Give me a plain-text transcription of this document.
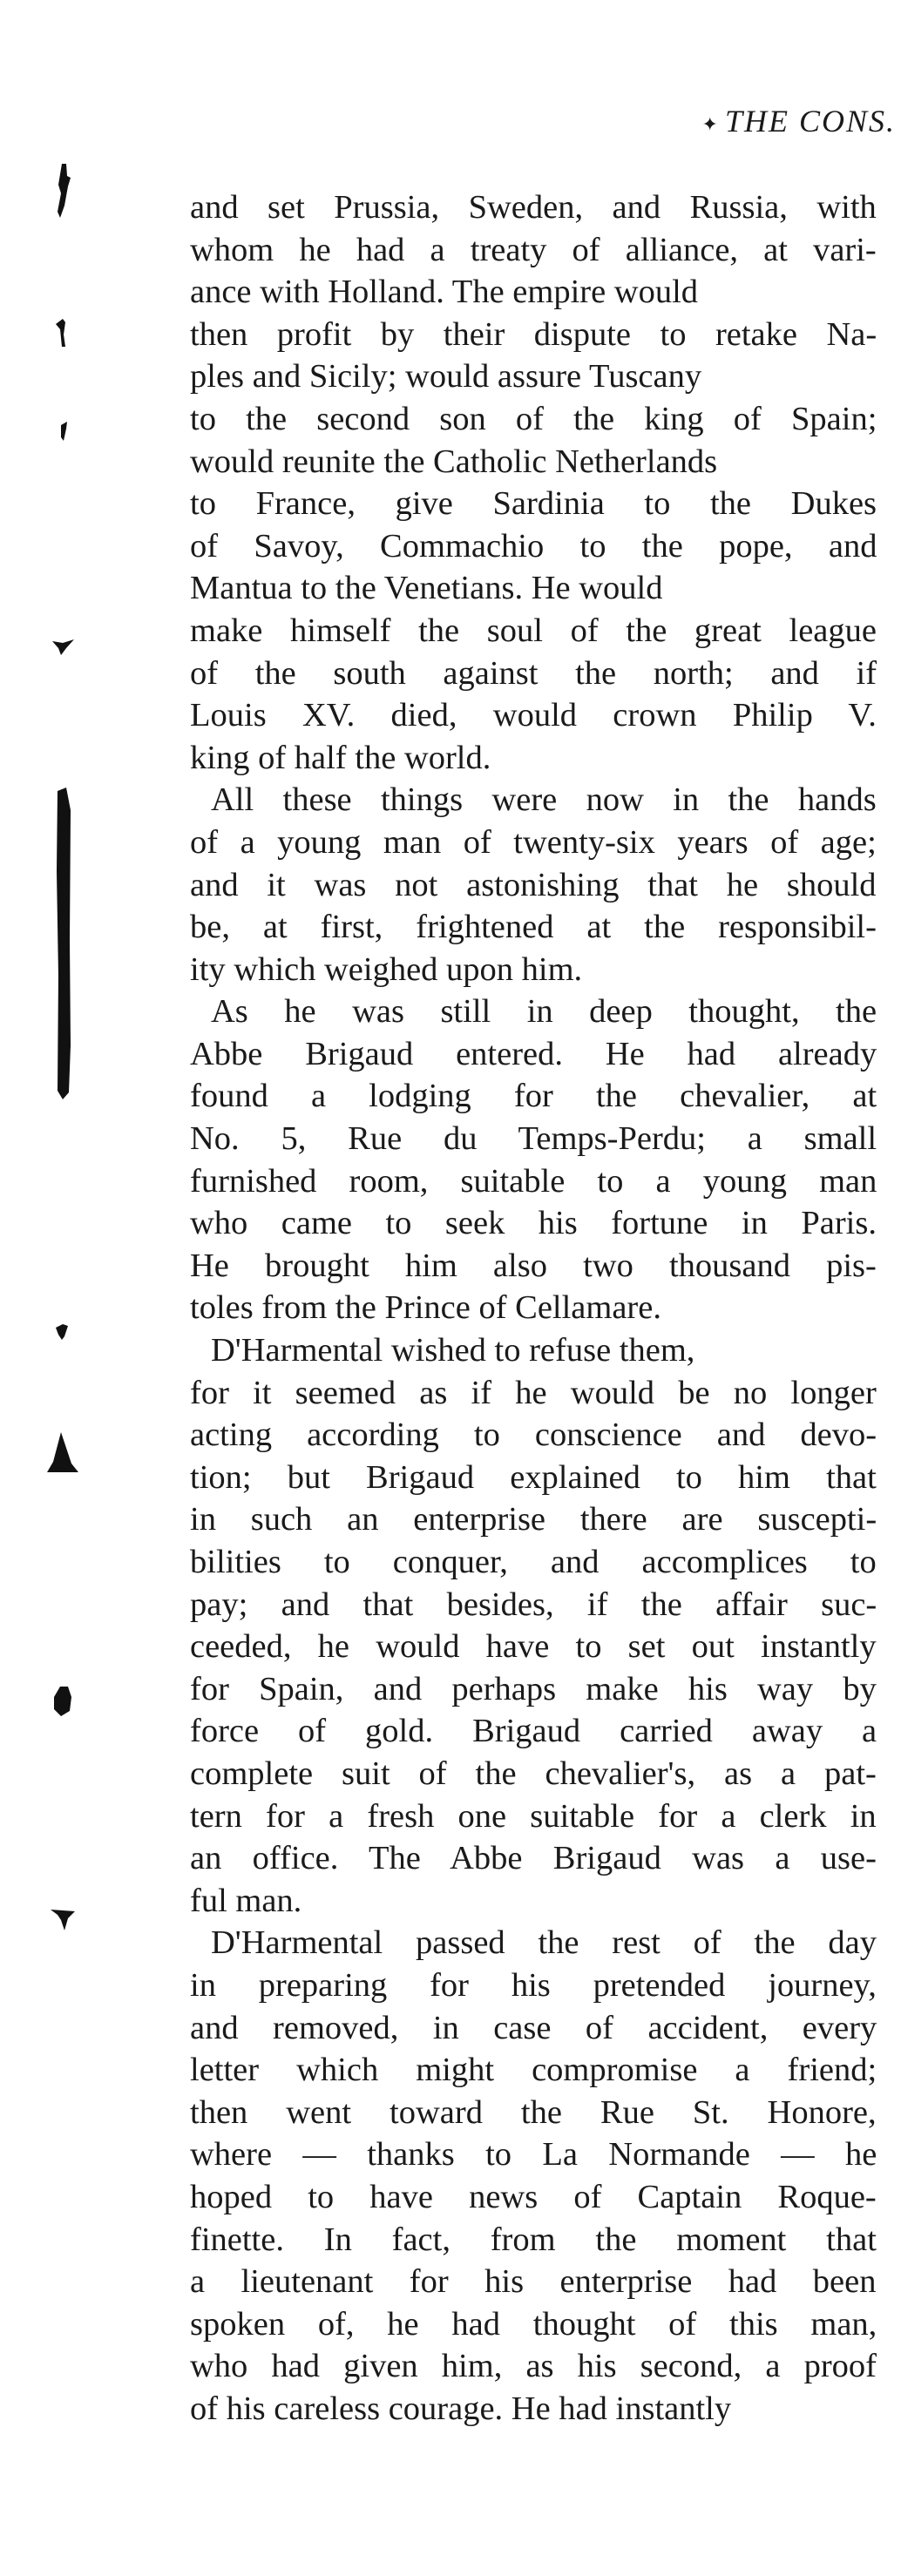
✦ THE CONS.
and set Prussia, Sweden, and Russia, with
whom he had a treaty of alliance, at vari-
ance with Holland. The empire would
then profit by their dispute to retake Na-
ples and Sicily; would assure Tuscany
to the second son of the king of Spain;
would reunite the Catholic Netherlands
to France, give Sardinia to the Dukes
of Savoy, Commachio to the pope, and
Mantua to the Venetians. He would
make himself the soul of the great league
of the south against the north; and if
Louis XV. died, would crown Philip V.
king of half the world.
All these things were now in the hands
of a young man of twenty-six years of age;
and it was not astonishing that he should
be, at first, frightened at the responsibil-
ity which weighed upon him.
As he was still in deep thought, the
Abbe Brigaud entered. He had already
found a lodging for the chevalier, at
No. 5, Rue du Temps-Perdu; a small
furnished room, suitable to a young man
who came to seek his fortune in Paris.
He brought him also two thousand pis-
toles from the Prince of Cellamare.
D'Harmental wished to refuse them,
for it seemed as if he would be no longer
acting according to conscience and devo-
tion; but Brigaud explained to him that
in such an enterprise there are suscepti-
bilities to conquer, and accomplices to
pay; and that besides, if the affair suc-
ceeded, he would have to set out instantly
for Spain, and perhaps make his way by
force of gold. Brigaud carried away a
complete suit of the chevalier's, as a pat-
tern for a fresh one suitable for a clerk in
an office. The Abbe Brigaud was a use-
ful man.
D'Harmental passed the rest of the day
in preparing for his pretended journey,
and removed, in case of accident, every
letter which might compromise a friend;
then went toward the Rue St. Honore,
where — thanks to La Normande — he
hoped to have news of Captain Roque-
finette. In fact, from the moment that
a lieutenant for his enterprise had been
spoken of, he had thought of this man,
who had given him, as his second, a proof
of his careless courage. He had instantly
